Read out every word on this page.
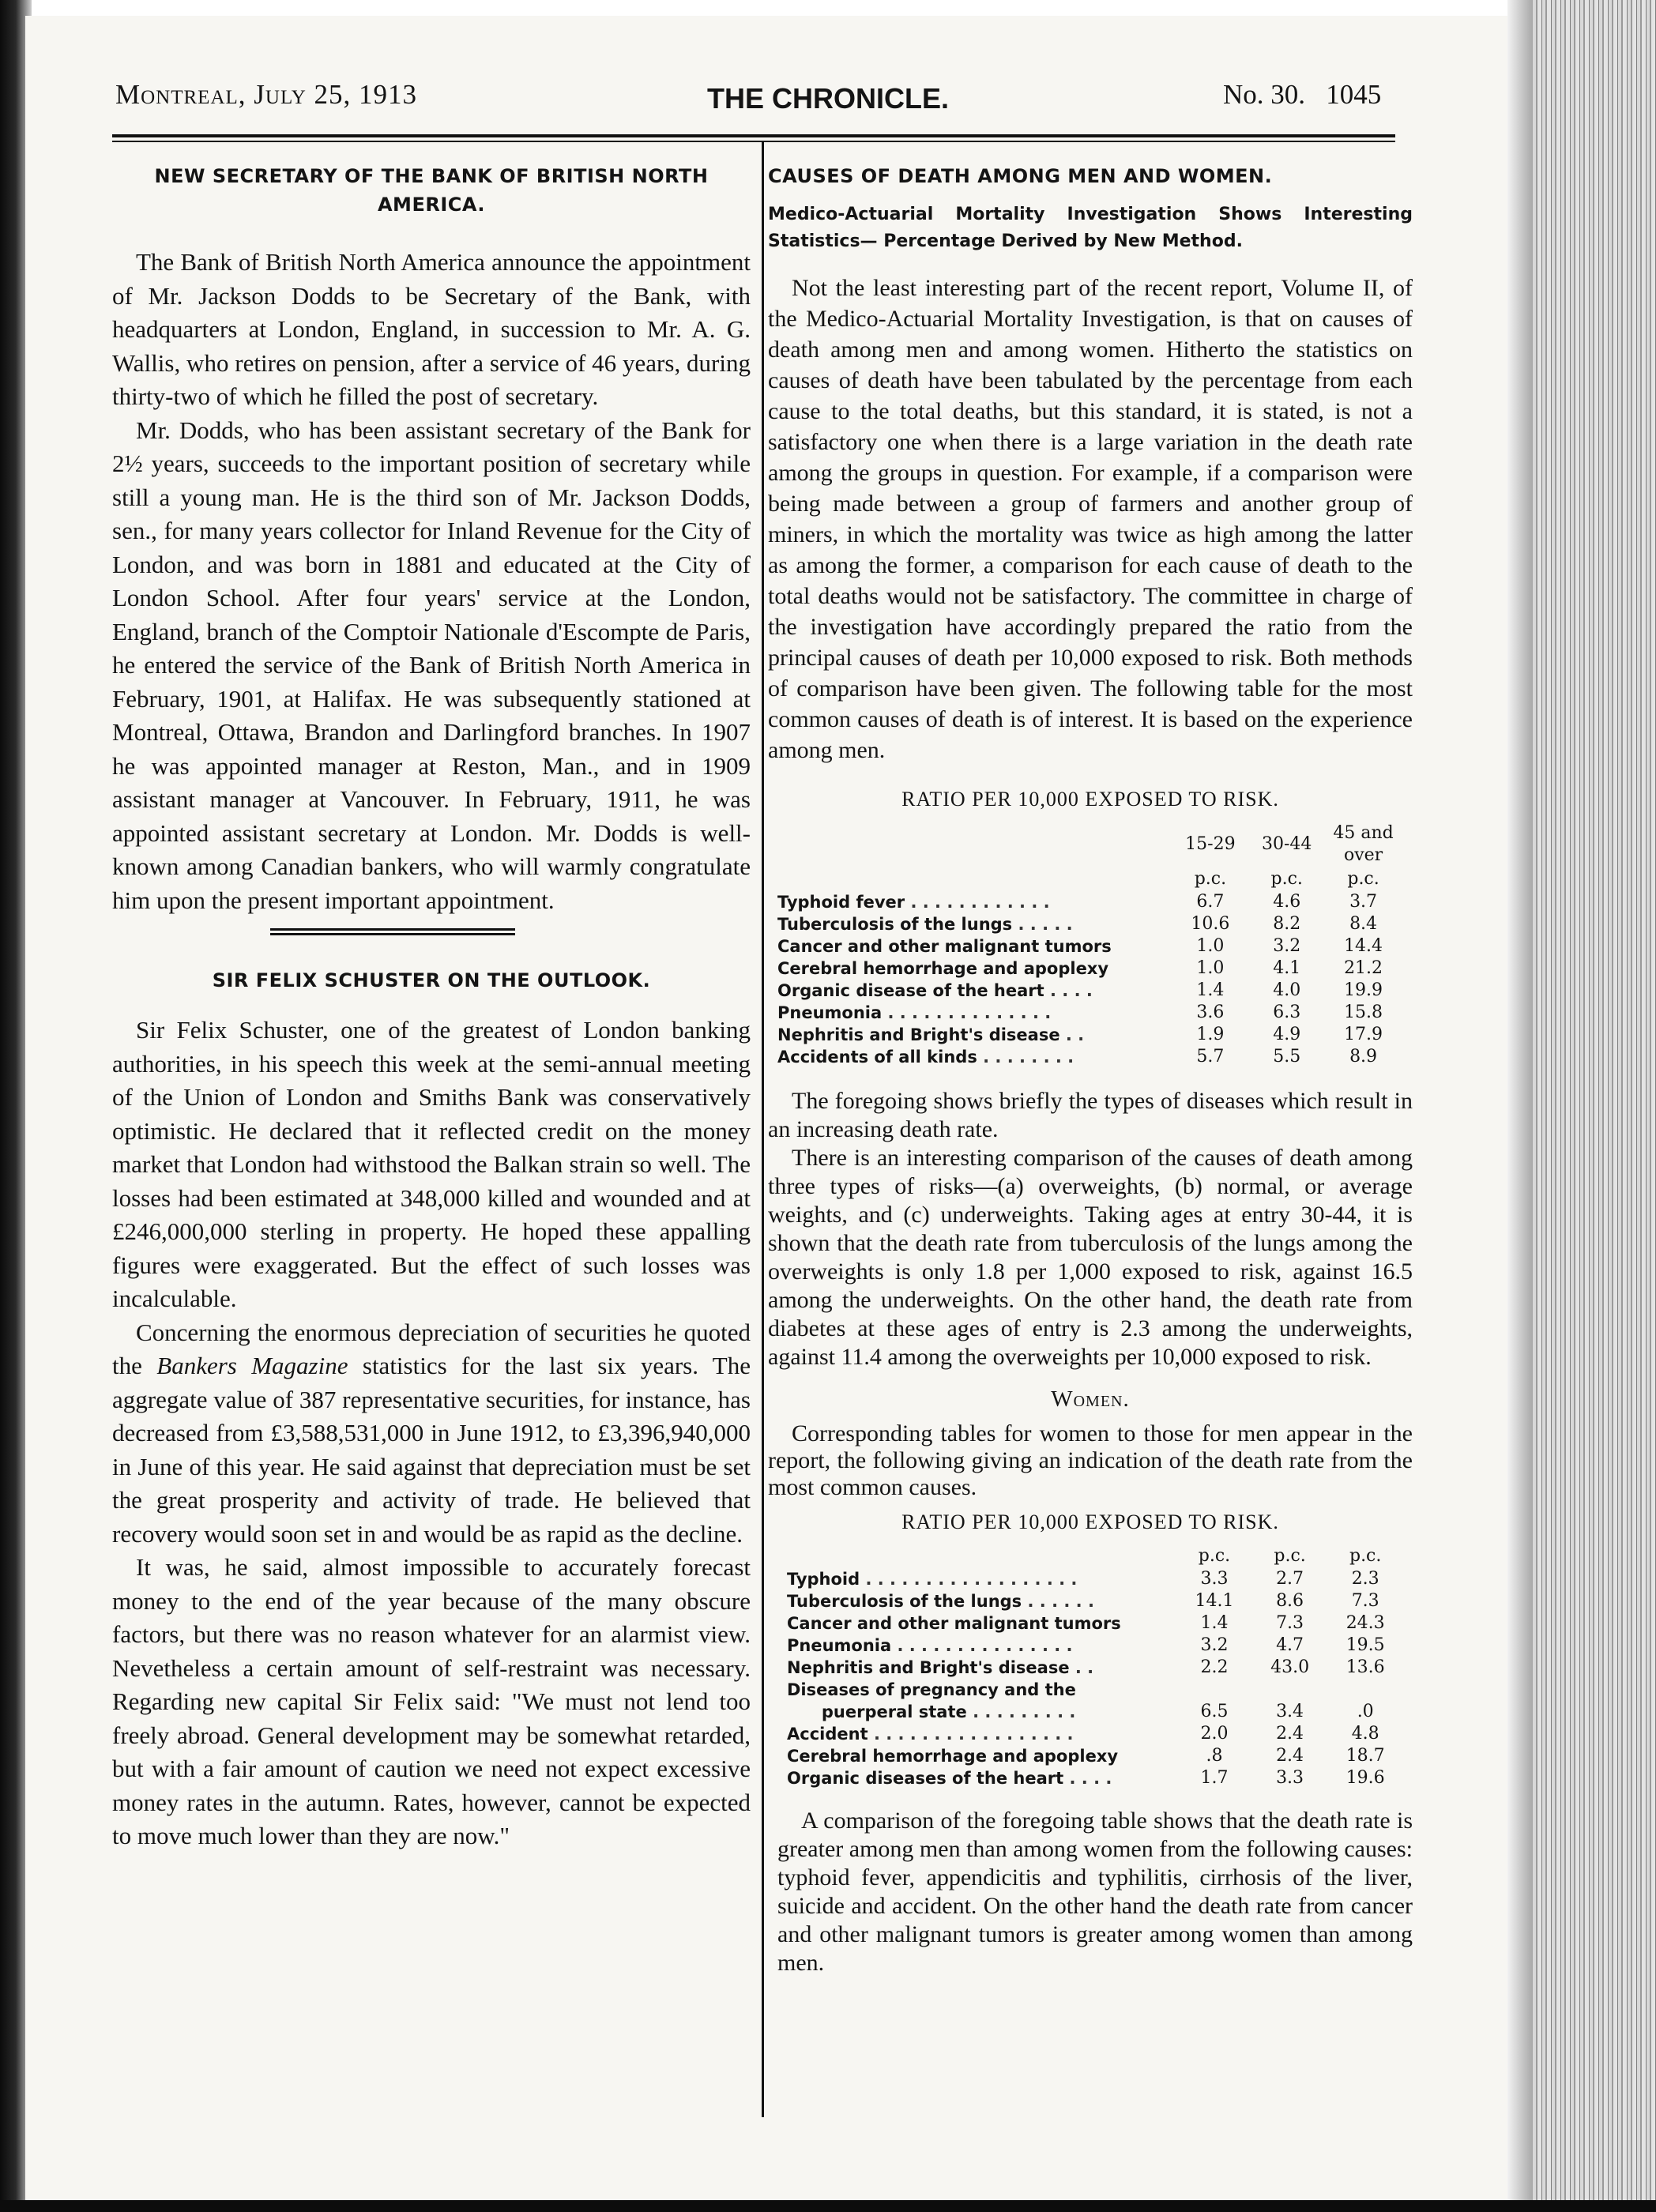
Montreal, July 25, 1913	THE CHRONICLE.	No. 30.   1045
NEW SECRETARY OF THE BANK OF BRITISH NORTH AMERICA.

The Bank of British North America announce the appointment of Mr. Jackson Dodds to be Secretary of the Bank, with headquarters at London, England, in succession to Mr. A. G. Wallis, who retires on pension, after a service of 46 years, during thirty-two of which he filled the post of secretary.

Mr. Dodds, who has been assistant secretary of the Bank for 2½ years, succeeds to the important position of secretary while still a young man. He is the third son of Mr. Jackson Dodds, sen., for many years collector for Inland Revenue for the City of London, and was born in 1881 and educated at the City of London School. After four years' service at the London, England, branch of the Comptoir Nationale d'Escompte de Paris, he entered the service of the Bank of British North America in February, 1901, at Halifax. He was subsequently stationed at Montreal, Ottawa, Brandon and Darlingford branches. In 1907 he was appointed manager at Reston, Man., and in 1909 assistant manager at Vancouver. In February, 1911, he was appointed assistant secretary at London. Mr. Dodds is well-known among Canadian bankers, who will warmly congratulate him upon the present important appointment.

SIR FELIX SCHUSTER ON THE OUTLOOK.

Sir Felix Schuster, one of the greatest of London banking authorities, in his speech this week at the semi-annual meeting of the Union of London and Smiths Bank was conservatively optimistic. He declared that it reflected credit on the money market that London had withstood the Balkan strain so well. The losses had been estimated at 348,000 killed and wounded and at £246,000,000 sterling in property. He hoped these appalling figures were exaggerated. But the effect of such losses was incalculable.

Concerning the enormous depreciation of securities he quoted the Bankers Magazine statistics for the last six years. The aggregate value of 387 representative securities, for instance, has decreased from £3,588,531,000 in June 1912, to £3,396,940,000 in June of this year. He said against that depreciation must be set the great prosperity and activity of trade. He believed that recovery would soon set in and would be as rapid as the decline.

It was, he said, almost impossible to accurately forecast money to the end of the year because of the many obscure factors, but there was no reason whatever for an alarmist view. Nevetheless a certain amount of self-restraint was necessary. Regarding new capital Sir Felix said: "We must not lend too freely abroad. General development may be somewhat retarded, but with a fair amount of caution we need not expect excessive money rates in the autumn. Rates, however, cannot be expected to move much lower than they are now."

CAUSES OF DEATH AMONG MEN AND WOMEN.
Medico-Actuarial Mortality Investigation Shows Interesting Statistics— Percentage Derived by New Method.

Not the least interesting part of the recent report, Volume II, of the Medico-Actuarial Mortality Investigation, is that on causes of death among men and among women. Hitherto the statistics on causes of death have been tabulated by the percentage from each cause to the total deaths, but this standard, it is stated, is not a satisfactory one when there is a large variation in the death rate among the groups in question. For example, if a comparison were being made between a group of farmers and another group of miners, in which the mortality was twice as high among the latter as among the former, a comparison for each cause of death to the total deaths would not be satisfactory. The committee in charge of the investigation have accordingly prepared the ratio from the principal causes of death per 10,000 exposed to risk. Both methods of comparison have been given. The following table for the most common causes of death is of interest. It is based on the experience among men.

RATIO PER 10,000 EXPOSED TO RISK.
	15-29	30-44	45 and over
	p.c.	p.c.	p.c.
Typhoid fever . . . . . . . . . . . .	6.7	4.6	3.7
Tuberculosis of the lungs . . . . .	10.6	8.2	8.4
Cancer and other malignant tumors	1.0	3.2	14.4
Cerebral hemorrhage and apoplexy	1.0	4.1	21.2
Organic disease of the heart . . . .	1.4	4.0	19.9
Pneumonia . . . . . . . . . . . . . .	3.6	6.3	15.8
Nephritis and Bright's disease . .	1.9	4.9	17.9
Accidents of all kinds . . . . . . . .	5.7	5.5	8.9

The foregoing shows briefly the types of diseases which result in an increasing death rate.

There is an interesting comparison of the causes of death among three types of risks—(a) overweights, (b) normal, or average weights, and (c) underweights. Taking ages at entry 30-44, it is shown that the death rate from tuberculosis of the lungs among the overweights is only 1.8 per 1,000 exposed to risk, against 16.5 among the underweights. On the other hand, the death rate from diabetes at these ages of entry is 2.3 among the underweights, against 11.4 among the overweights per 10,000 exposed to risk.

Women.

Corresponding tables for women to those for men appear in the report, the following giving an indication of the death rate from the most common causes.

RATIO PER 10,000 EXPOSED TO RISK.
	p.c.	p.c.	p.c.
Typhoid . . . . . . . . . . . . . . . . . .	3.3	2.7	2.3
Tuberculosis of the lungs . . . . . .	14.1	8.6	7.3
Cancer and other malignant tumors	1.4	7.3	24.3
Pneumonia . . . . . . . . . . . . . . .	3.2	4.7	19.5
Nephritis and Bright's disease . .	2.2	43.0	13.6
Diseases of pregnancy and the			
puerperal state . . . . . . . . .	6.5	3.4	.0
Accident . . . . . . . . . . . . . . . . .	2.0	2.4	4.8
Cerebral hemorrhage and apoplexy	.8	2.4	18.7
Organic diseases of the heart . . . .	1.7	3.3	19.6

A comparison of the foregoing table shows that the death rate is greater among men than among women from the following causes: typhoid fever, appendicitis and typhilitis, cirrhosis of the liver, suicide and accident. On the other hand the death rate from cancer and other malignant tumors is greater among women than among men.
